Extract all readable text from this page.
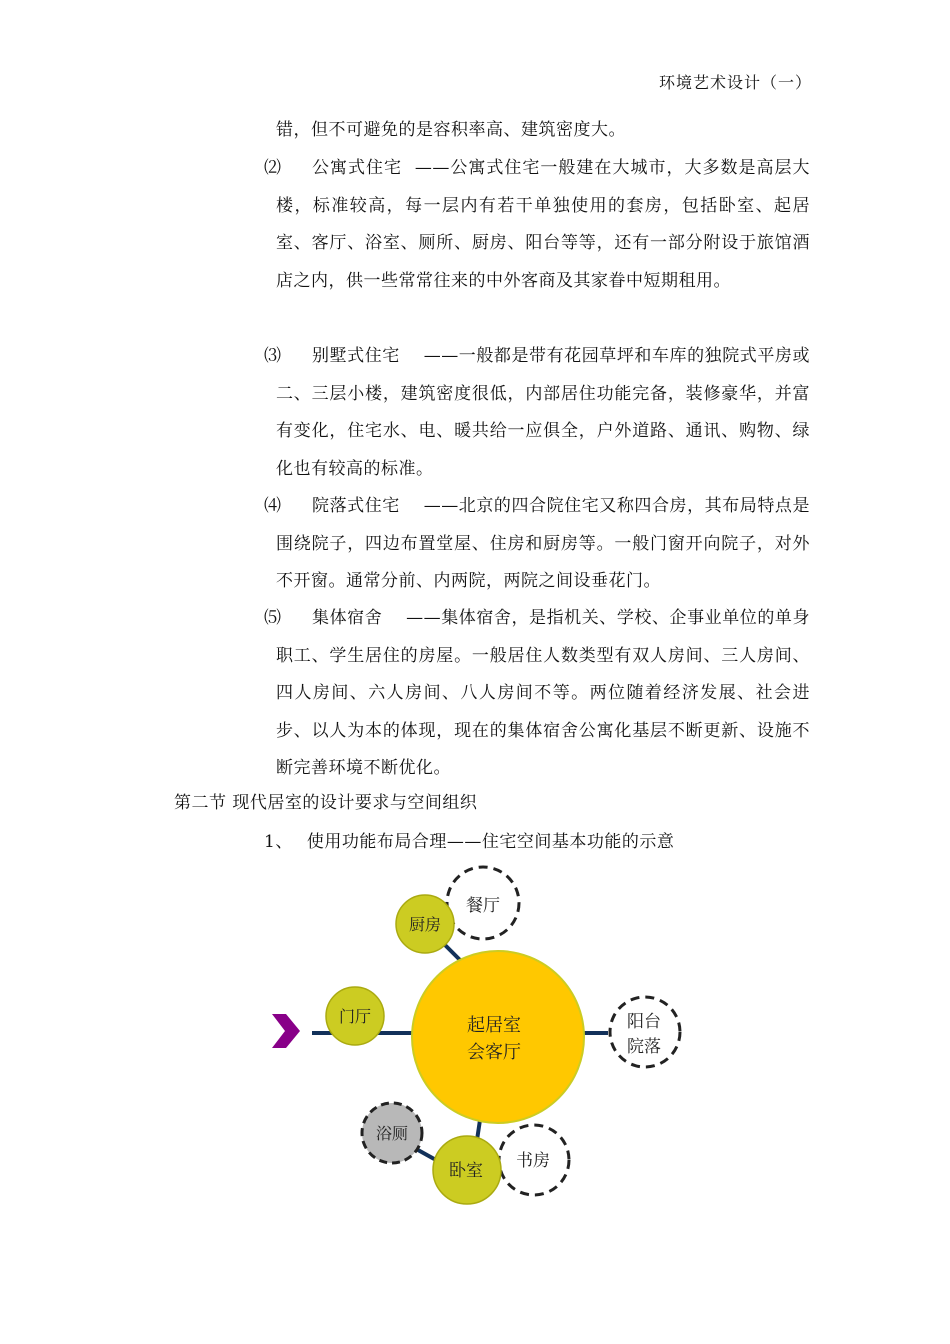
环境艺术设计（一）

错，但不可避免的是容积率高、建筑密度大。

⑵	公寓式住宅 ——公寓式住宅一般建在大城市，大多数是高层大楼，标准较高，每一层内有若干单独使用的套房，包括卧室、起居室、客厅、浴室、厕所、厨房、阳台等等，还有一部分附设于旅馆酒店之内，供一些常常往来的中外客商及其家眷中短期租用。
⑶	别墅式住宅 ——一般都是带有花园草坪和车库的独院式平房或二、三层小楼，建筑密度很低，内部居住功能完备，装修豪华，并富有变化，住宅水、电、暖共给一应俱全，户外道路、通讯、购物、绿化也有较高的标准。
⑷	院落式住宅 ——北京的四合院住宅又称四合房，其布局特点是围绕院子，四边布置堂屋、住房和厨房等。一般门窗开向院子，对外不开窗。通常分前、内两院，两院之间设垂花门。
⑸	集体宿舍 ——集体宿舍，是指机关、学校、企事业单位的单身职工、学生居住的房屋。一般居住人数类型有双人房间、三人房间、四人房间、六人房间、八人房间不等。两位随着经济发展、社会进步、以人为本的体现，现在的集体宿舍公寓化基层不断更新、设施不断完善环境不断优化。
第二节 现代居室的设计要求与空间组织
1、 使用功能布局合理——住宅空间基本功能的示意
起居室
会客厅
餐厅
厨房
门厅	阳台
院落
浴厕
书房
卧室
